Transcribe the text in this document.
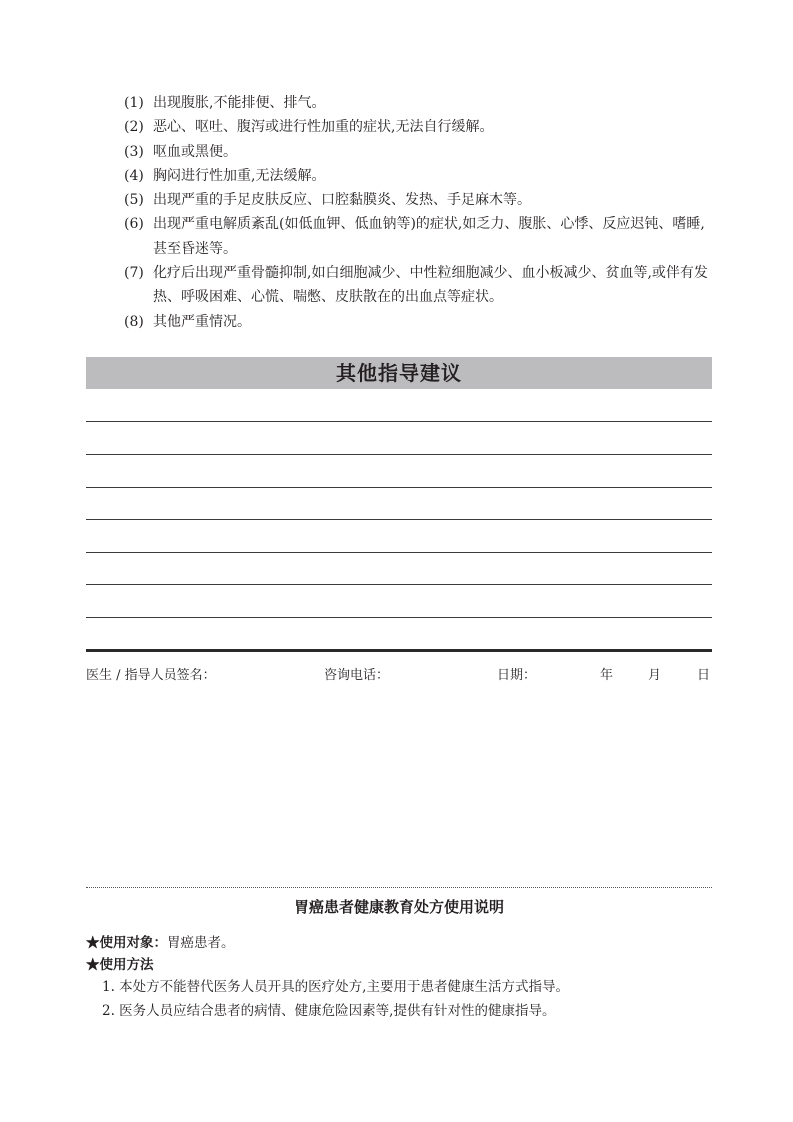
(1) 出现腹胀,不能排便、排气。
(2) 恶心、呕吐、腹泻或进行性加重的症状,无法自行缓解。
(3) 呕血或黑便。
(4) 胸闷进行性加重,无法缓解。
(5) 出现严重的手足皮肤反应、口腔黏膜炎、发热、手足麻木等。
(6) 出现严重电解质紊乱(如低血钾、低血钠等)的症状,如乏力、腹胀、心悸、反应迟钝、嗜睡,甚至昏迷等。
(7) 化疗后出现严重骨髓抑制,如白细胞减少、中性粒细胞减少、血小板减少、贫血等,或伴有发热、呼吸困难、心慌、喘憋、皮肤散在的出血点等症状。
(8) 其他严重情况。
其他指导建议
医生 / 指导人员签名：	咨询电话：	日期：	年	月	日
胃癌患者健康教育处方使用说明
★使用对象：胃癌患者。
★使用方法
1. 本处方不能替代医务人员开具的医疗处方,主要用于患者健康生活方式指导。
2. 医务人员应结合患者的病情、健康危险因素等,提供有针对性的健康指导。
